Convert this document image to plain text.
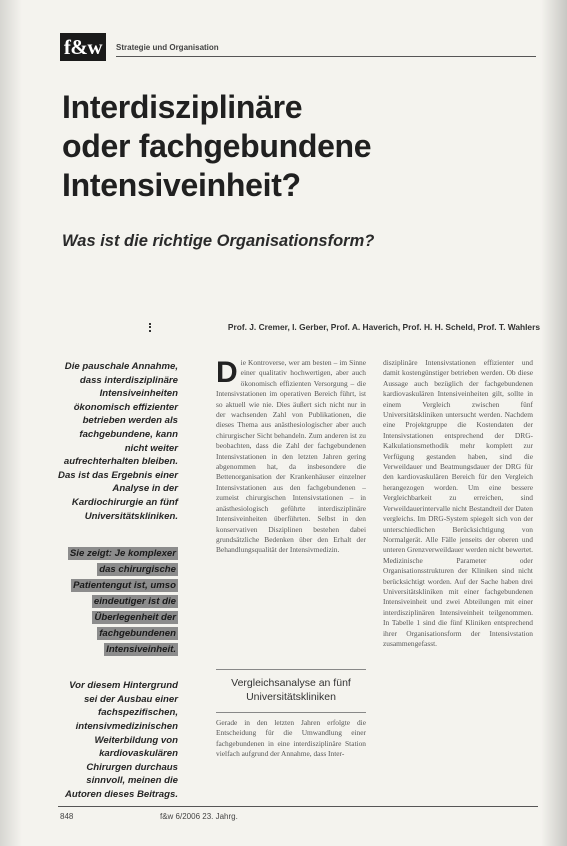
f&w	Strategie und Organisation
Interdisziplinäre
oder fachgebundene
Intensiveinheit?
Was ist die richtige Organisationsform?
Prof. J. Cremer, I. Gerber, Prof. A. Haverich, Prof. H. H. Scheld, Prof. T. Wahlers

Die pauschale Annahme, dass interdisziplinäre Intensiveinheiten ökonomisch effizienter betrieben werden als fachgebundene, kann nicht weiter aufrechterhalten bleiben. Das ist das Ergebnis einer Analyse in der Kardiochirurgie an fünf Universitätskliniken.

Sie zeigt: Je komplexer das chirurgische Patientengut ist, umso eindeutiger ist die Überlegenheit der fachgebundenen Intensiveinheit.

Vor diesem Hintergrund sei der Ausbau einer fachspezifischen, intensivmedizinischen Weiterbildung von kardiovaskulären Chirurgen durchaus sinnvoll, meinen die Autoren dieses Beitrags.

Die Kontroverse, wer am besten – im Sinne einer qualitativ hochwertigen, aber auch ökonomisch effizienten Versorgung – die Intensivstationen im operativen Bereich führt, ist so aktuell wie nie. Dies äußert sich nicht nur in der wachsenden Zahl von Publikationen, die dieses Thema aus anästhesiologischer aber auch chirurgischer Sicht behandeln. Zum anderen ist zu beobachten, dass die Zahl der fachgebundenen Intensivstationen in den letzten Jahren gering abgenommen hat, da insbesondere die Bettenorganisation der Krankenhäuser einzelner Intensivstationen aus den fachgebundenen – zumeist chirurgischen Intensivstationen – in anästhesiologisch geführte interdisziplinäre Intensiveinheiten überführten. Selbst in den konservativen Disziplinen bestehen dabei grundsätzliche Bedenken über den Erhalt der Behandlungsqualität der Intensivmedizin.

Vergleichsanalyse an fünf Universitätskliniken

Gerade in den letzten Jahren erfolgte die Entscheidung für die Umwandlung einer fachgebundenen in eine interdisziplinäre Station vielfach aufgrund der Annahme, dass Inter-

disziplinäre Intensivstationen effizienter und damit kostengünstiger betrieben werden. Ob diese Aussage auch bezüglich der fachgebundenen kardiovaskulären Intensiveinheiten gilt, sollte in einem Vergleich zwischen fünf Universitätskliniken untersucht werden. Nachdem eine Projektgruppe die Kostendaten der Intensivstationen entsprechend der DRG-Kalkulationsmethodik mehr komplett zur Verfügung gestanden haben, sind die Verweildauer und Beatmungsdauer der DRG für den kardiovaskulären Bereich für den Vergleich herangezogen worden. Um eine bessere Vergleichbarkeit zu erreichen, sind Verweildauerintervalle nicht Bestandteil der Daten vergleichs. Im DRG-System spiegelt sich von der unterschiedlichen Berücksichtigung von Normalgerät. Alle Fälle jenseits der oberen und unteren Grenzverweildauer werden nicht bewertet. Medizinische Parameter oder Organisationsstrukturen der Kliniken sind nicht berücksichtigt worden. Auf der Sache haben drei Universitätskliniken mit einer fachgebundenen Intensiveinheit und zwei Abteilungen mit einer interdisziplinären Intensiveinheit teilgenommen. In Tabelle 1 sind die fünf Kliniken entsprechend ihrer Organisationsform der Intensivstation zusammengefasst.

848	f&w 6/2006 23. Jahrg.
